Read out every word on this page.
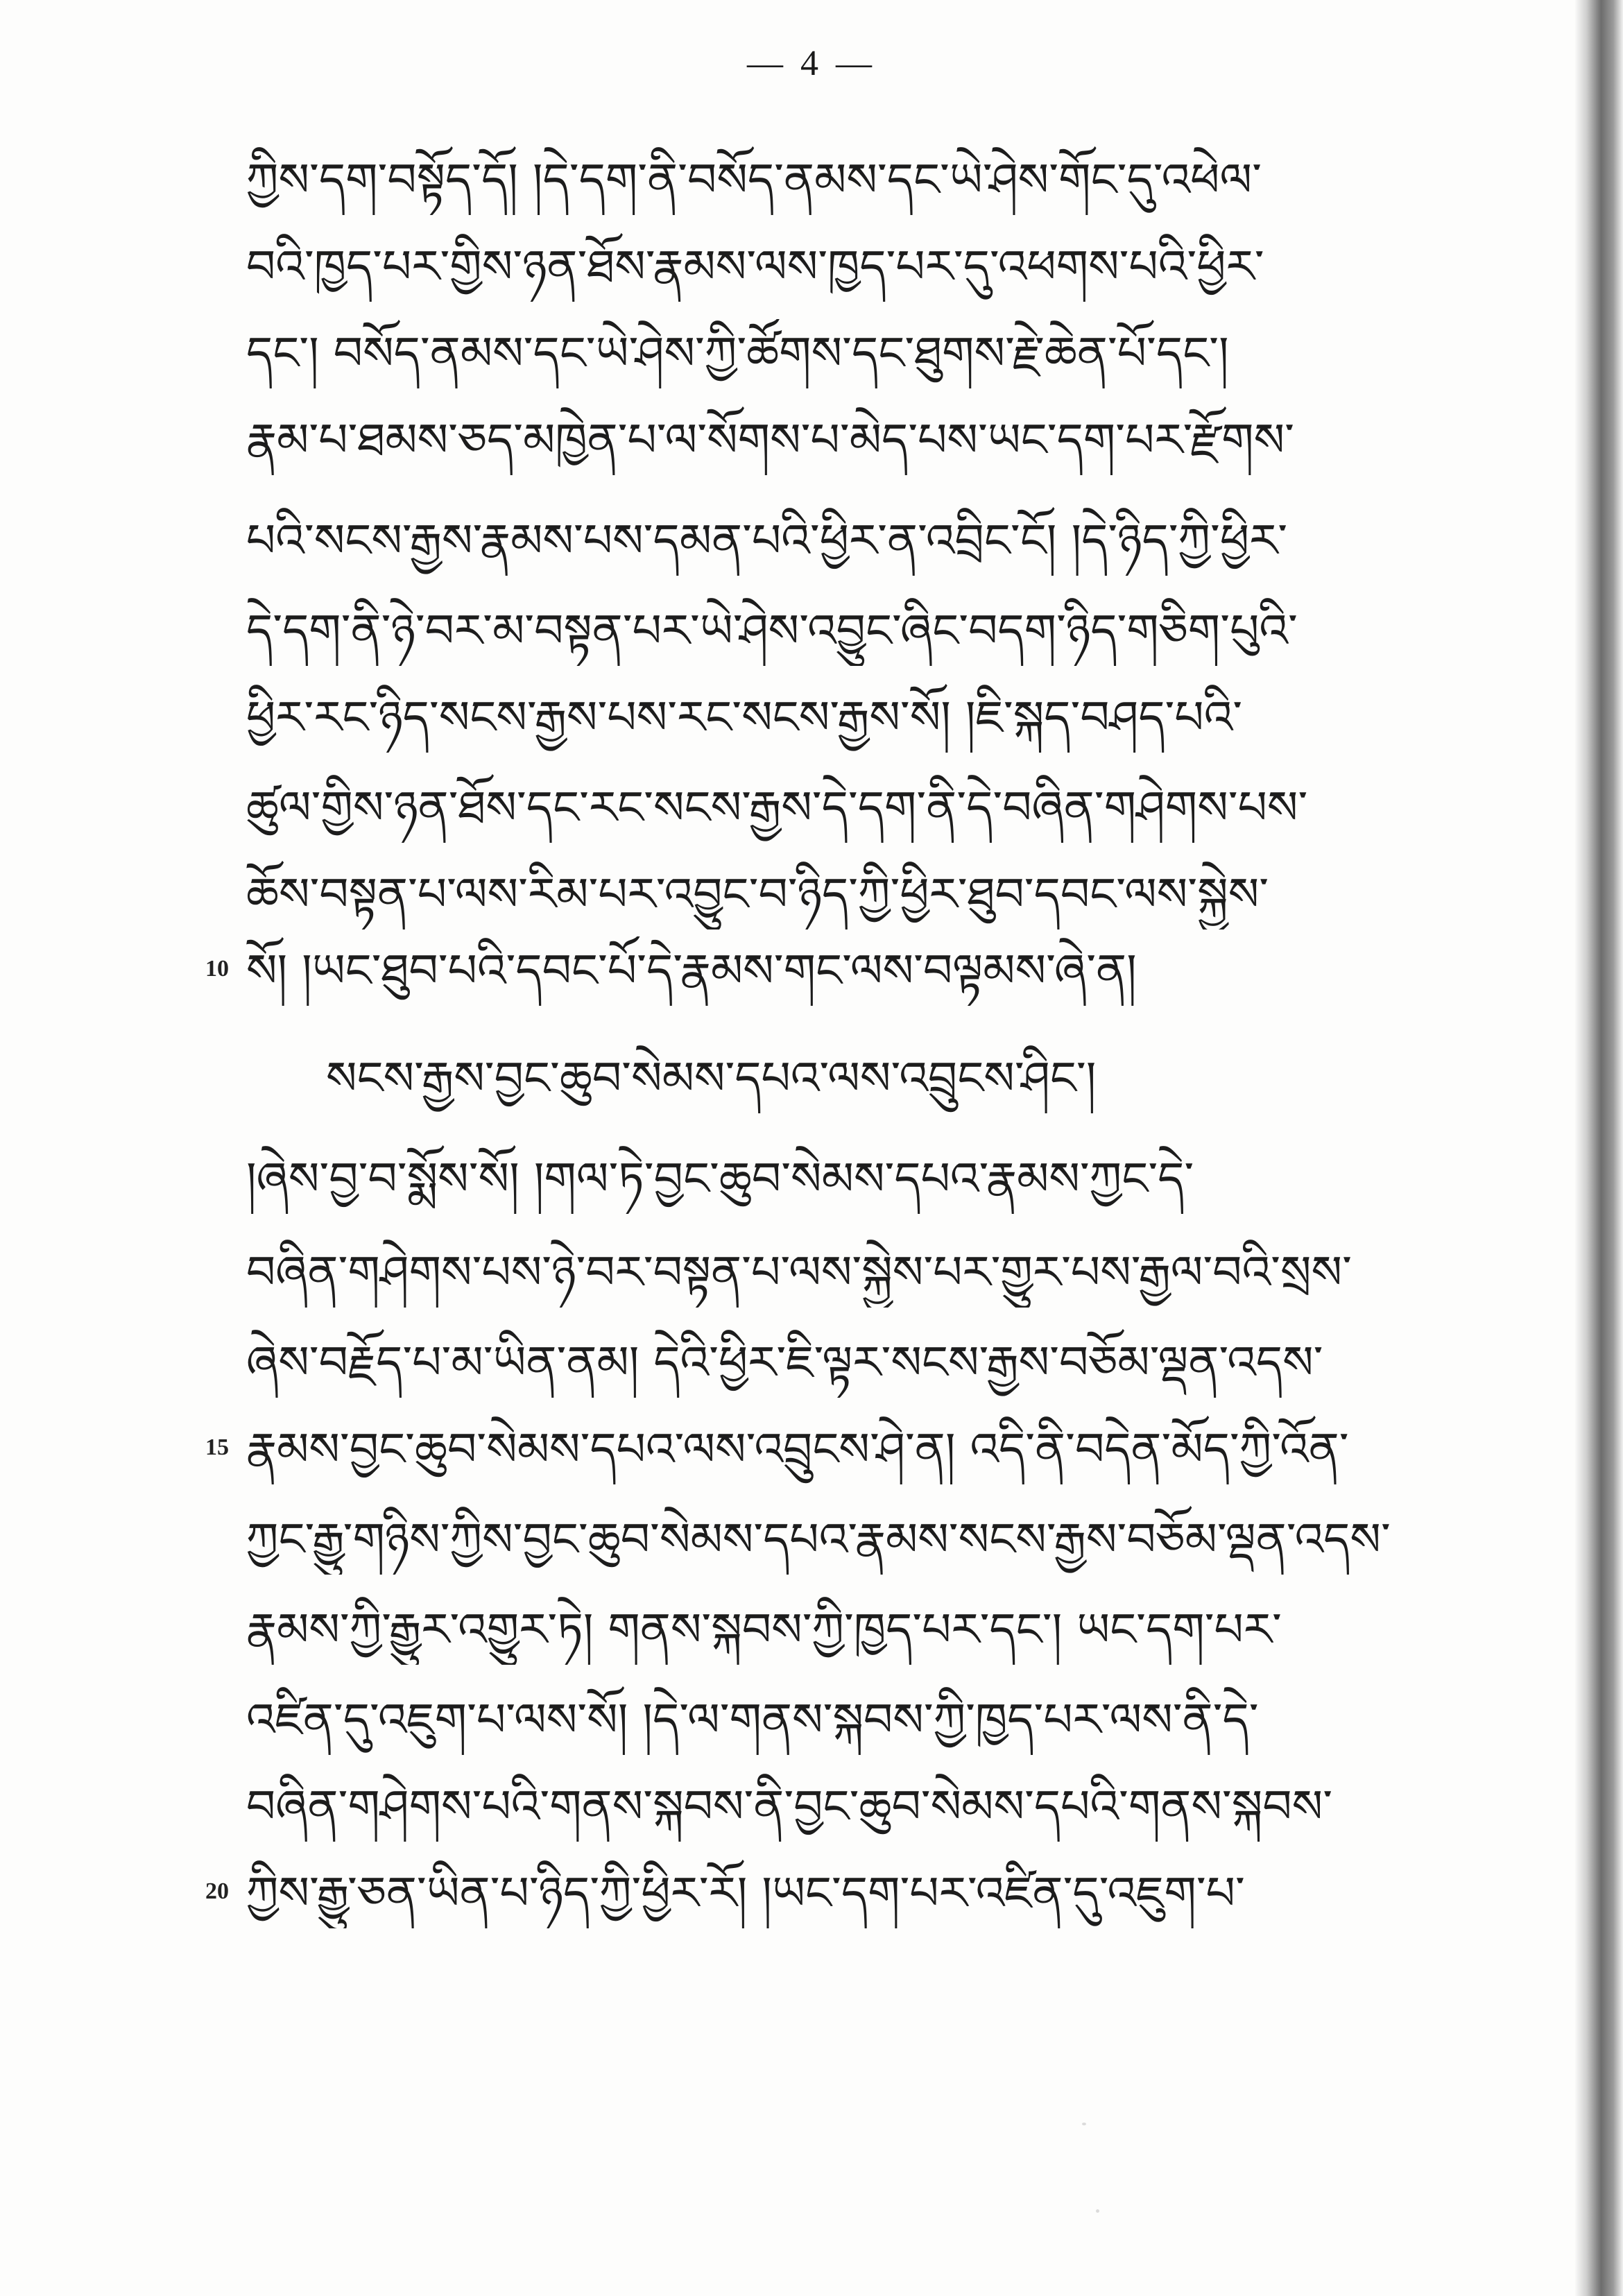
— 4 —
ཀྱིས་དག་བསྟོད་དོ། །དེ་དག་ནི་བསོད་ནམས་དང་ཡེ་ཤེས་གོང་དུ་འཕེལ་
བའི་ཁྱད་པར་གྱིས་ཉན་ཐོས་རྣམས་ལས་ཁྱད་པར་དུ་འཕགས་པའི་ཕྱིར་
དང་། བསོད་ནམས་དང་ཡེ་ཤེས་ཀྱི་ཚོགས་དང་ཐུགས་རྗེ་ཆེན་པོ་དང་།
རྣམ་པ་ཐམས་ཅད་མཁྱེན་པ་ལ་སོགས་པ་མེད་པས་ཡང་དག་པར་རྫོགས་
པའི་སངས་རྒྱས་རྣམས་པས་དམན་པའི་ཕྱིར་ན་འབྲིང་ངོ། །དེ་ཉིད་ཀྱི་ཕྱིར་
དེ་དག་ནི་ཉེ་བར་མ་བསྟན་པར་ཡེ་ཤེས་འབྱུང་ཞིང་བདག་ཉིད་གཅིག་པུའི་
ཕྱིར་རང་ཉིད་སངས་རྒྱས་པས་རང་སངས་རྒྱས་སོ། །ཇི་སྐད་བཤད་པའི་
ཚུལ་གྱིས་ཉན་ཐོས་དང་རང་སངས་རྒྱས་དེ་དག་ནི་དེ་བཞིན་གཤེགས་པས་
ཆོས་བསྟན་པ་ལས་རིམ་པར་འབྱུང་བ་ཉིད་ཀྱི་ཕྱིར་ཐུབ་དབང་ལས་སྐྱེས་
10 སོ། །ཡང་ཐུབ་པའི་དབང་པོ་དེ་རྣམས་གང་ལས་བལྟམས་ཞེ་ན།
སངས་རྒྱས་བྱང་ཆུབ་སེམས་དཔའ་ལས་འབྲུངས་ཤིང་།
།ཞེས་བྱ་བ་སྨོས་སོ། །གལ་ཏེ་བྱང་ཆུབ་སེམས་དཔའ་རྣམས་ཀྱང་དེ་
བཞིན་གཤེགས་པས་ཉེ་བར་བསྟན་པ་ལས་སྐྱེས་པར་གྱུར་པས་རྒྱལ་བའི་སྲས་
ཞེས་བརྗོད་པ་མ་ཡིན་ནམ། དེའི་ཕྱིར་ཇི་ལྟར་སངས་རྒྱས་བཅོམ་ལྡན་འདས་
15 རྣམས་བྱང་ཆུབ་སེམས་དཔའ་ལས་འབྲུངས་ཤེ་ན། འདི་ནི་བདེན་མོད་ཀྱི་འོན་
ཀྱང་རྒྱུ་གཉིས་ཀྱིས་བྱང་ཆུབ་སེམས་དཔའ་རྣམས་སངས་རྒྱས་བཅོམ་ལྡན་འདས་
རྣམས་ཀྱི་རྒྱུར་འགྱུར་ཏེ། གནས་སྐབས་ཀྱི་ཁྱད་པར་དང་། ཡང་དག་པར་
འཛིན་དུ་འཇུག་པ་ལས་སོ། །དེ་ལ་གནས་སྐབས་ཀྱི་ཁྱད་པར་ལས་ནི་དེ་
བཞིན་གཤེགས་པའི་གནས་སྐབས་ནི་བྱང་ཆུབ་སེམས་དཔའི་གནས་སྐབས་
20 ཀྱིས་རྒྱུ་ཅན་ཡིན་པ་ཉིད་ཀྱི་ཕྱིར་རོ། །ཡང་དག་པར་འཛིན་དུ་འཇུག་པ་
